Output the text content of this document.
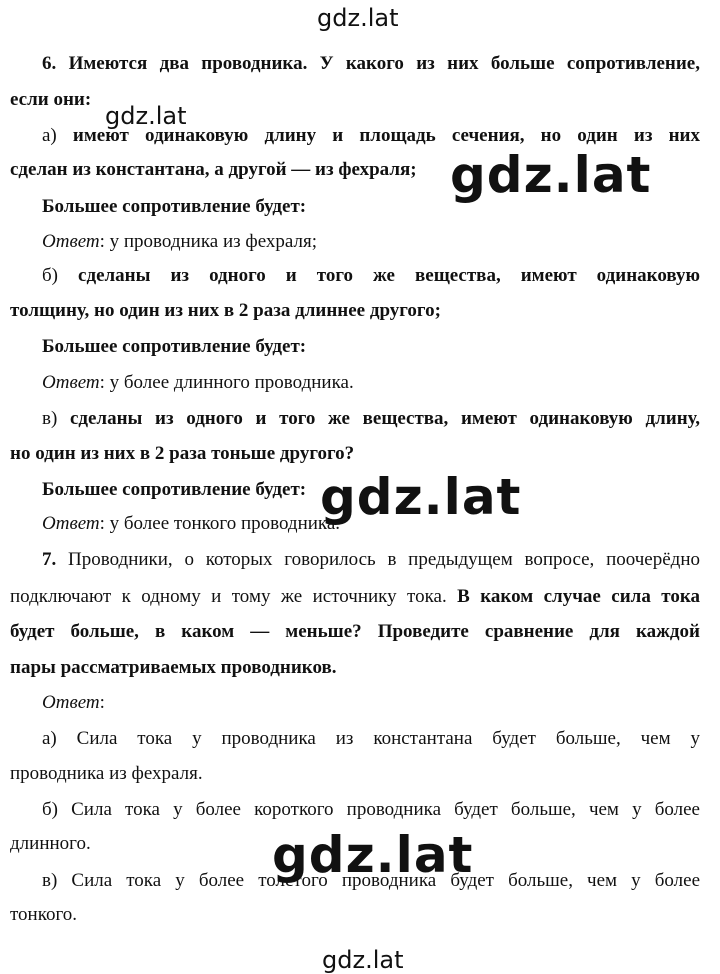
gdz.lat
gdz.lat
gdz.lat
gdz.lat
gdz.lat
gdz.lat
6. Имеются два проводника. У какого из них больше сопротивление,
если они:
а) имеют одинаковую длину и площадь сечения, но один из них
сделан из константана, а другой — из фехраля;
Большее сопротивление будет:
Ответ: у проводника из фехраля;
б) сделаны из одного и того же вещества, имеют одинаковую
толщину, но один из них в 2 раза длиннее другого;
Большее сопротивление будет:
Ответ: у более длинного проводника.
в) сделаны из одного и того же вещества, имеют одинаковую длину,
но один из них в 2 раза тоньше другого?
Большее сопротивление будет:
Ответ: у более тонкого проводника.
7. Проводники, о которых говорилось в предыдущем вопросе, поочерёдно
подключают к одному и тому же источнику тока. В каком случае сила тока
будет больше, в каком — меньше? Проведите сравнение для каждой
пары рассматриваемых проводников.
Ответ:
а) Сила тока у проводника из константана будет больше, чем у
проводника из фехраля.
б) Сила тока у более короткого проводника будет больше, чем у более
длинного.
в) Сила тока у более толстого проводника будет больше, чем у более
тонкого.
